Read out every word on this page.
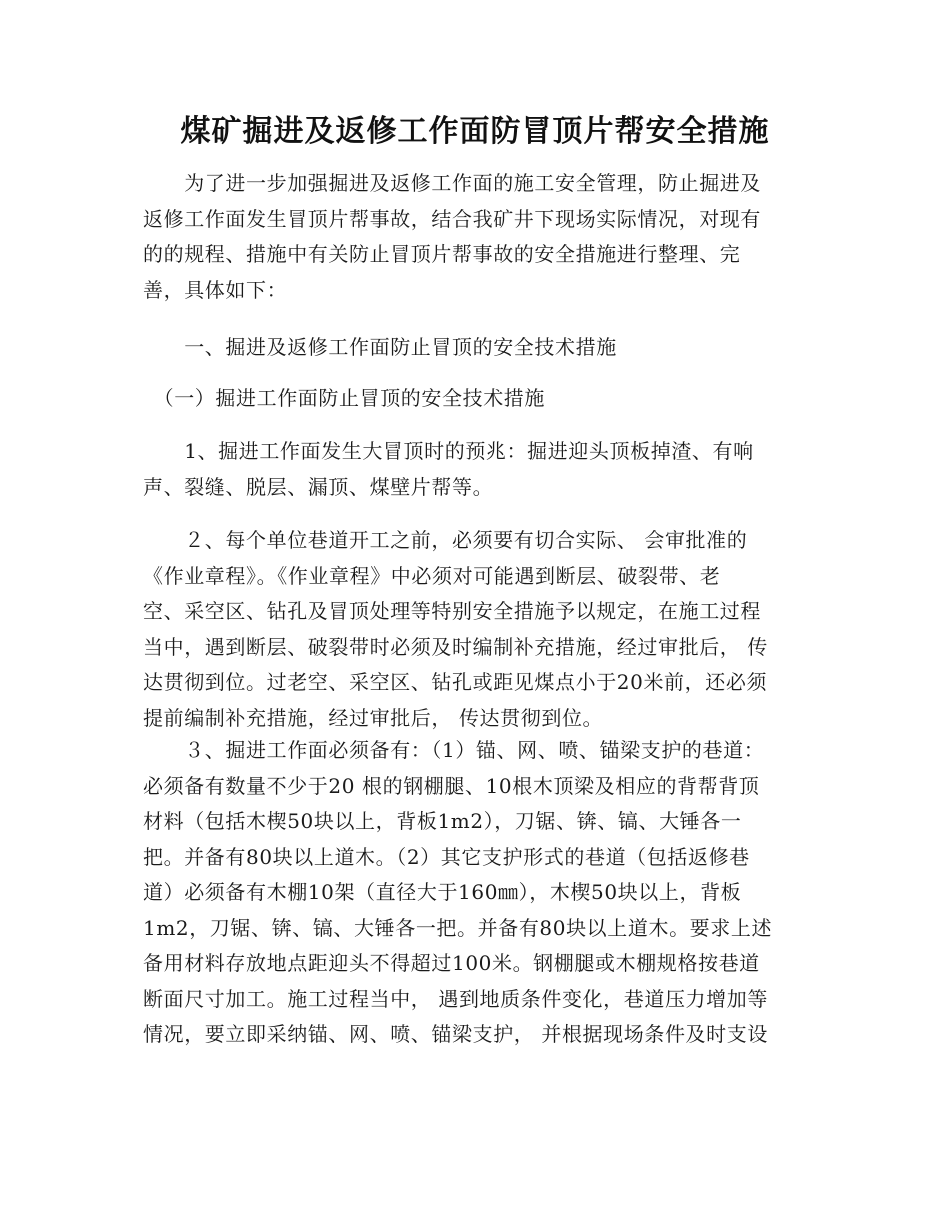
煤矿掘进及返修工作面防冒顶片帮安全措施
　　为了进一步加强掘进及返修工作面的施工安全管理，防止掘进及
返修工作面发生冒顶片帮事故，结合我矿井下现场实际情况，对现有
的的规程、措施中有关防止冒顶片帮事故的安全措施进行整理、完
善，具体如下：
　　一、掘进及返修工作面防止冒顶的安全技术措施
　（一）掘进工作面防止冒顶的安全技术措施
　　1、掘进工作面发生大冒顶时的预兆：掘进迎头顶板掉渣、有响
声、裂缝、脱层、漏顶、煤壁片帮等。
　　２、每个单位巷道开工之前，必须要有切合实际、 会审批准的
《作业章程》。《作业章程》中必须对可能遇到断层、破裂带、老
空、采空区、钻孔及冒顶处理等特别安全措施予以规定，在施工过程
当中，遇到断层、破裂带时必须及时编制补充措施，经过审批后， 传
达贯彻到位。过老空、采空区、钻孔或距见煤点小于20米前，还必须
提前编制补充措施，经过审批后， 传达贯彻到位。
　　３、掘进工作面必须备有：（1）锚、网、喷、锚梁支护的巷道：
必须备有数量不少于20 根的钢棚腿、10根木顶梁及相应的背帮背顶
材料（包括木楔50块以上，背板1m2），刀锯、锛、镐、大锤各一
把。并备有80块以上道木。（2）其它支护形式的巷道（包括返修巷
道）必须备有木棚10架（直径大于160㎜），木楔50块以上，背板
1m2，刀锯、锛、镐、大锤各一把。并备有80块以上道木。要求上述
备用材料存放地点距迎头不得超过100米。钢棚腿或木棚规格按巷道
断面尺寸加工。施工过程当中， 遇到地质条件变化，巷道压力增加等
情况，要立即采纳锚、网、喷、锚梁支护， 并根据现场条件及时支设
